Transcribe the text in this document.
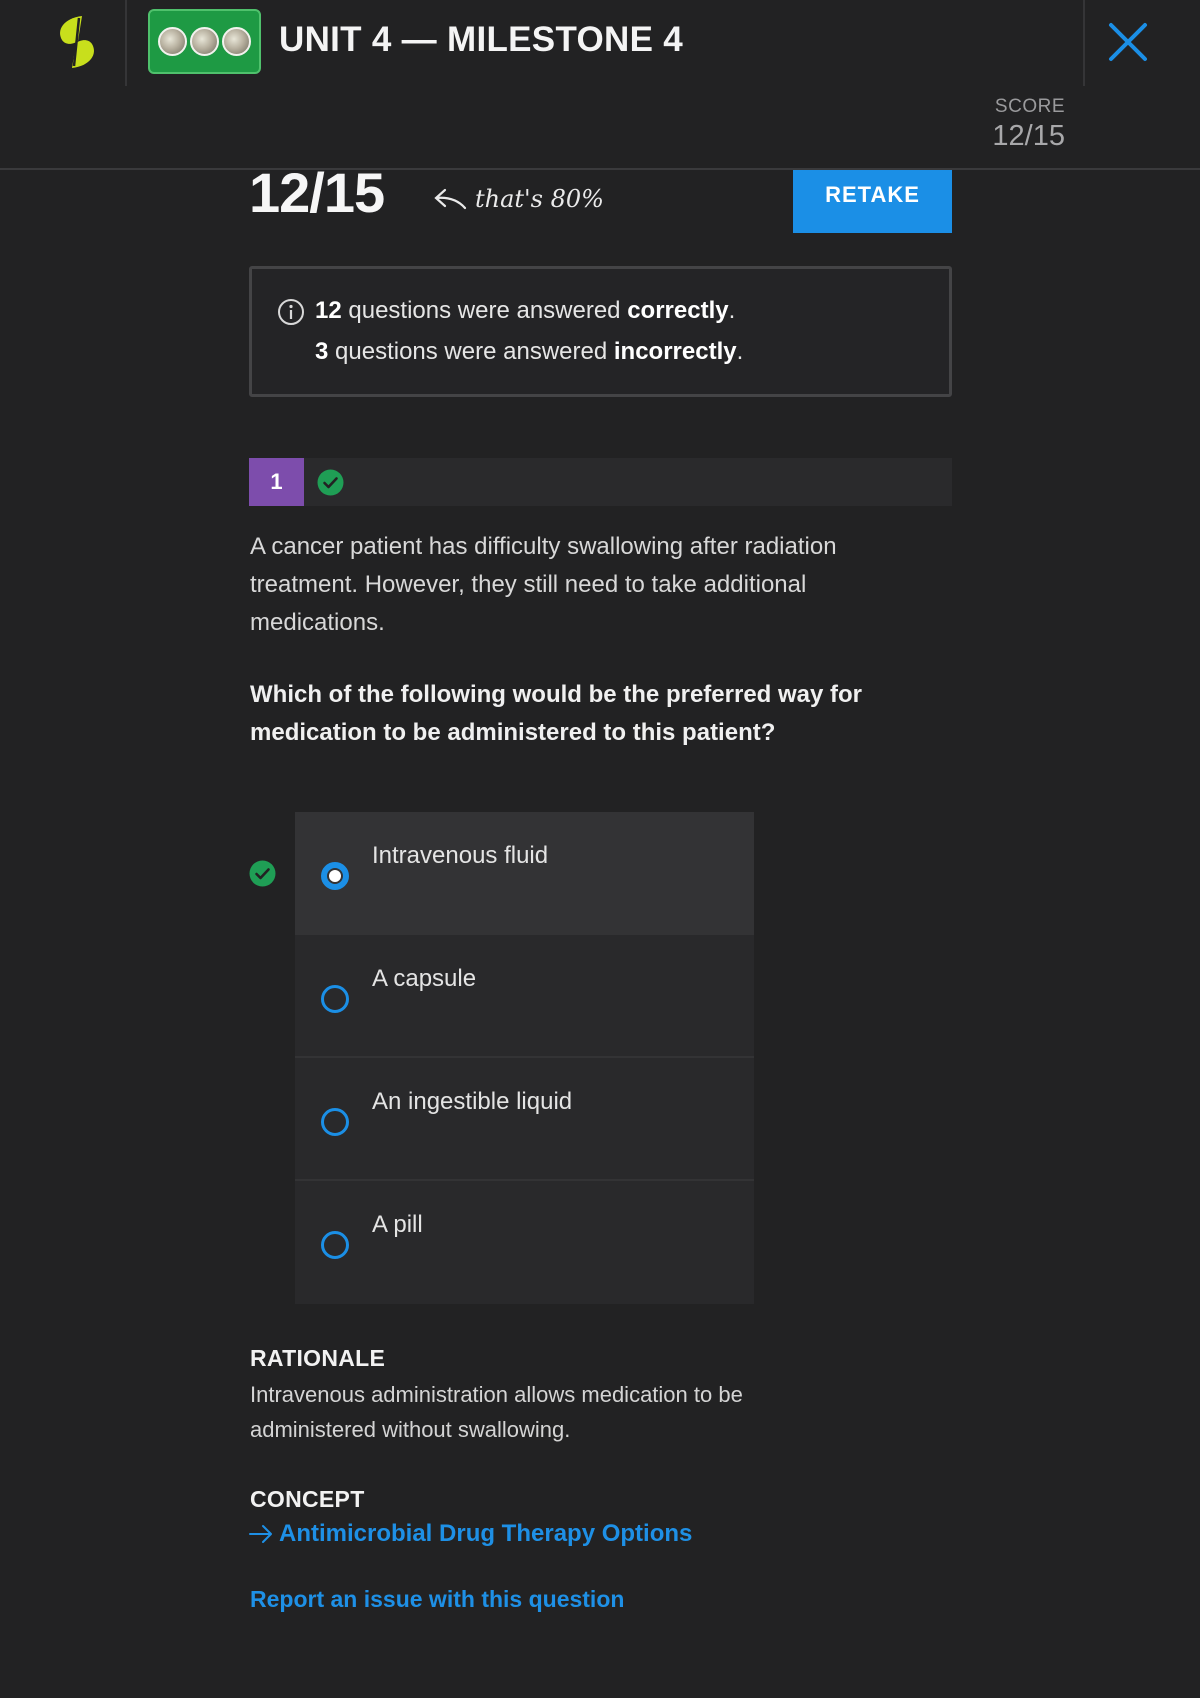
UNIT 4 — MILESTONE 4
SCORE
12/15
12/15	that's 80%	RETAKE
12 questions were answered correctly.
3 questions were answered incorrectly.
1
A cancer patient has difficulty swallowing after radiation treatment. However, they still need to take additional medications.
Which of the following would be the preferred way for medication to be administered to this patient?
Intravenous fluid
A capsule
An ingestible liquid
A pill
RATIONALE
Intravenous administration allows medication to be administered without swallowing.
CONCEPT
Antimicrobial Drug Therapy Options
Report an issue with this question
